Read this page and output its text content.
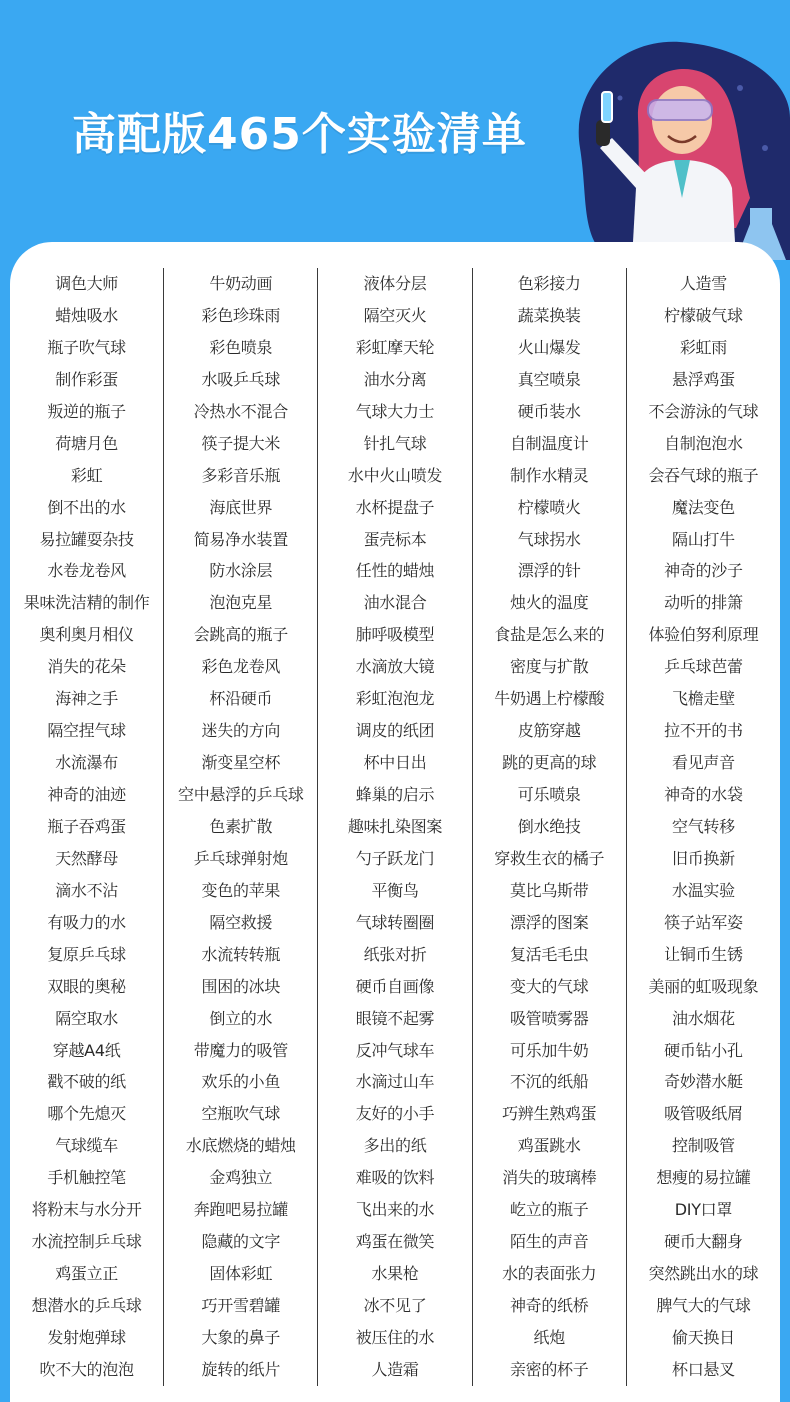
高配版465个实验清单
调色大师
蜡烛吸水
瓶子吹气球
制作彩蛋
叛逆的瓶子
荷塘月色
彩虹
倒不出的水
易拉罐耍杂技
水卷龙卷风
果味洗洁精的制作
奥利奥月相仪
消失的花朵
海神之手
隔空捏气球
水流瀑布
神奇的油迹
瓶子吞鸡蛋
天然酵母
滴水不沾
有吸力的水
复原乒乓球
双眼的奥秘
隔空取水
穿越A4纸
戳不破的纸
哪个先熄灭
气球缆车
手机触控笔
将粉末与水分开
水流控制乒乓球
鸡蛋立正
想潜水的乒乓球
发射炮弹球
吹不大的泡泡
牛奶动画
彩色珍珠雨
彩色喷泉
水吸乒乓球
冷热水不混合
筷子提大米
多彩音乐瓶
海底世界
简易净水装置
防水涂层
泡泡克星
会跳高的瓶子
彩色龙卷风
杯沿硬币
迷失的方向
渐变星空杯
空中悬浮的乒乓球
色素扩散
乒乓球弹射炮
变色的苹果
隔空救援
水流转转瓶
围困的冰块
倒立的水
带魔力的吸管
欢乐的小鱼
空瓶吹气球
水底燃烧的蜡烛
金鸡独立
奔跑吧易拉罐
隐藏的文字
固体彩虹
巧开雪碧罐
大象的鼻子
旋转的纸片
液体分层
隔空灭火
彩虹摩天轮
油水分离
气球大力士
针扎气球
水中火山喷发
水杯提盘子
蛋壳标本
任性的蜡烛
油水混合
肺呼吸模型
水滴放大镜
彩虹泡泡龙
调皮的纸团
杯中日出
蜂巢的启示
趣味扎染图案
勺子跃龙门
平衡鸟
气球转圈圈
纸张对折
硬币自画像
眼镜不起雾
反冲气球车
水滴过山车
友好的小手
多出的纸
难吸的饮料
飞出来的水
鸡蛋在微笑
水果枪
冰不见了
被压住的水
人造霜
色彩接力
蔬菜换装
火山爆发
真空喷泉
硬币装水
自制温度计
制作水精灵
柠檬喷火
气球拐水
漂浮的针
烛火的温度
食盐是怎么来的
密度与扩散
牛奶遇上柠檬酸
皮筋穿越
跳的更高的球
可乐喷泉
倒水绝技
穿救生衣的橘子
莫比乌斯带
漂浮的图案
复活毛毛虫
变大的气球
吸管喷雾器
可乐加牛奶
不沉的纸船
巧辨生熟鸡蛋
鸡蛋跳水
消失的玻璃棒
屹立的瓶子
陌生的声音
水的表面张力
神奇的纸桥
纸炮
亲密的杯子
人造雪
柠檬破气球
彩虹雨
悬浮鸡蛋
不会游泳的气球
自制泡泡水
会吞气球的瓶子
魔法变色
隔山打牛
神奇的沙子
动听的排箫
体验伯努利原理
乒乓球芭蕾
飞檐走壁
拉不开的书
看见声音
神奇的水袋
空气转移
旧币换新
水温实验
筷子站军姿
让铜币生锈
美丽的虹吸现象
油水烟花
硬币钻小孔
奇妙潜水艇
吸管吸纸屑
控制吸管
想瘦的易拉罐
DIY口罩
硬币大翻身
突然跳出水的球
脾气大的气球
偷天换日
杯口悬叉
